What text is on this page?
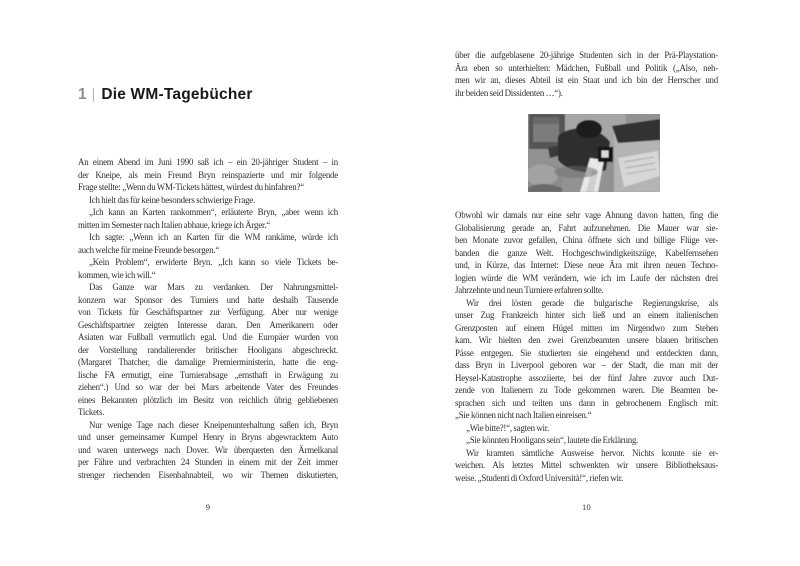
1 Die WM-Tagebücher
An einem Abend im Juni 1990 saß ich – ein 20-jähriger Student – in
der Kneipe, als mein Freund Bryn reinspazierte und mir folgende
Frage stellte: „Wenn du WM-Tickets hättest, würdest du hinfahren?“
Ich hielt das für keine besonders schwierige Frage.
„Ich kann an Karten rankommen“, erläuterte Bryn, „aber wenn ich
mitten im Semester nach Italien abhaue, kriege ich Ärger.“
Ich sagte: „Wenn ich an Karten für die WM rankäme, würde ich
auch welche für meine Freunde besorgen.“
„Kein Problem“, erwiderte Bryn. „Ich kann so viele Tickets be-
kommen, wie ich will.“
Das Ganze war Mars zu verdanken. Der Nahrungsmittel-
konzern war Sponsor des Turniers und hatte deshalb Tausende
von Tickets für Geschäftspartner zur Verfügung. Aber nur wenige
Geschäftspartner zeigten Interesse daran. Den Amerikanern oder
Asiaten war Fußball vermutlich egal. Und die Europäer wurden von
der Vorstellung randalierender britischer Hooligans abgeschreckt.
(Margaret Thatcher, die damalige Premierministerin, hatte die eng-
lische FA ermutigt, eine Turnierabsage „ernsthaft in Erwägung zu
ziehen“.) Und so war der bei Mars arbeitende Vater des Freundes
eines Bekannten plötzlich im Besitz von reichlich übrig gebliebenen
Tickets.
Nur wenige Tage nach dieser Kneipenunterhaltung saßen ich, Bryn
und unser gemeinsamer Kumpel Henry in Bryns abgewracktem Auto
und waren unterwegs nach Dover. Wir überquerten den Ärmelkanal
per Fähre und verbrachten 24 Stunden in einem mit der Zeit immer
strenger riechenden Eisenbahnabteil, wo wir Themen diskutierten,
9
über die aufgeblasene 20-jährige Studenten sich in der Prä-Playstation-
Ära eben so unterhielten: Mädchen, Fußball und Politik („Also, neh-
men wir an, dieses Abteil ist ein Staat und ich bin der Herrscher und
ihr beiden seid Dissidenten …“).
Obwohl wir damals nur eine sehr vage Ahnung davon hatten, fing die
Globalisierung gerade an, Fahrt aufzunehmen. Die Mauer war sie-
ben Monate zuvor gefallen, China öffnete sich und billige Flüge ver-
banden die ganze Welt. Hochgeschwindigkeitszüge, Kabelfernsehen
und, in Kürze, das Internet: Diese neue Ära mit ihren neuen Techno-
logien würde die WM verändern, wie ich im Laufe der nächsten drei
Jahrzehnte und neun Turniere erfahren sollte.
Wir drei lösten gerade die bulgarische Regierungskrise, als
unser Zug Frankreich hinter sich ließ und an einem italienischen
Grenzposten auf einem Hügel mitten im Nirgendwo zum Stehen
kam. Wir hielten den zwei Grenzbeamten unsere blauen britischen
Pässe entgegen. Sie studierten sie eingehend und entdeckten dann,
dass Bryn in Liverpool geboren war – der Stadt, die man mit der
Heysel-Katastrophe assoziierte, bei der fünf Jahre zuvor auch Dut-
zende von Italienern zu Tode gekommen waren. Die Beamten be-
sprachen sich und teilten uns dann in gebrochenem Englisch mit:
„Sie können nicht nach Italien einreisen.“
„Wie bitte?!“, sagten wir.
„Sie könnten Hooligans sein“, lautete die Erklärung.
Wir kramten sämtliche Ausweise hervor. Nichts konnte sie er-
weichen. Als letztes Mittel schwenkten wir unsere Bibliotheksaus-
weise. „Studenti di Oxford Università!“, riefen wir.
10
